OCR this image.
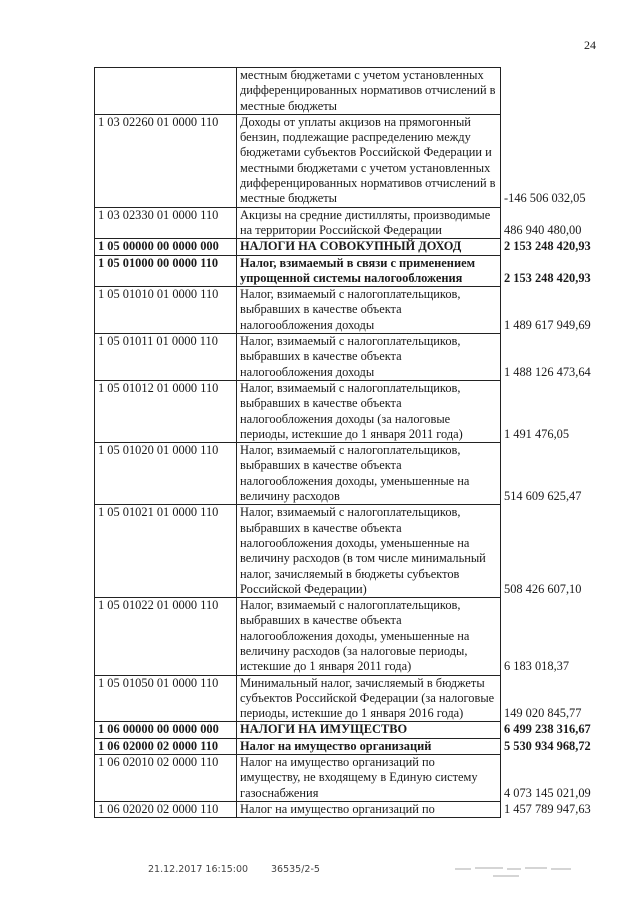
24
	местным бюджетами с учетом установленных дифференцированных нормативов отчислений в местные бюджеты	
1 03 02260 01 0000 110	Доходы от уплаты акцизов на прямогонный бензин, подлежащие распределению между бюджетами субъектов Российской Федерации и местными бюджетами с учетом установленных дифференцированных нормативов отчислений в местные бюджеты	-146 506 032,05
1 03 02330 01 0000 110	Акцизы на средние дистилляты, производимые на территории Российской Федерации	486 940 480,00
1 05 00000 00 0000 000	НАЛОГИ НА СОВОКУПНЫЙ ДОХОД	2 153 248 420,93
1 05 01000 00 0000 110	Налог, взимаемый в связи с применением упрощенной системы налогообложения	2 153 248 420,93
1 05 01010 01 0000 110	Налог, взимаемый с налогоплательщиков, выбравших в качестве объекта налогообложения доходы	1 489 617 949,69
1 05 01011 01 0000 110	Налог, взимаемый с налогоплательщиков, выбравших в качестве объекта налогообложения доходы	1 488 126 473,64
1 05 01012 01 0000 110	Налог, взимаемый с налогоплательщиков, выбравших в качестве объекта налогообложения доходы (за налоговые периоды, истекшие до 1 января 2011 года)	1 491 476,05
1 05 01020 01 0000 110	Налог, взимаемый с налогоплательщиков, выбравших в качестве объекта налогообложения доходы, уменьшенные на величину расходов	514 609 625,47
1 05 01021 01 0000 110	Налог, взимаемый с налогоплательщиков, выбравших в качестве объекта налогообложения доходы, уменьшенные на величину расходов (в том числе минимальный налог, зачисляемый в бюджеты субъектов Российской Федерации)	508 426 607,10
1 05 01022 01 0000 110	Налог, взимаемый с налогоплательщиков, выбравших в качестве объекта налогообложения доходы, уменьшенные на величину расходов (за налоговые периоды, истекшие до 1 января 2011 года)	6 183 018,37
1 05 01050 01 0000 110	Минимальный налог, зачисляемый в бюджеты субъектов Российской Федерации (за налоговые периоды, истекшие до 1 января 2016 года)	149 020 845,77
1 06 00000 00 0000 000	НАЛОГИ НА ИМУЩЕСТВО	6 499 238 316,67
1 06 02000 02 0000 110	Налог на имущество организаций	5 530 934 968,72
1 06 02010 02 0000 110	Налог на имущество организаций по имуществу, не входящему в Единую систему газоснабжения	4 073 145 021,09
1 06 02020 02 0000 110	Налог на имущество организаций по	1 457 789 947,63
21.12.2017 16:15:00 36535/2-5
